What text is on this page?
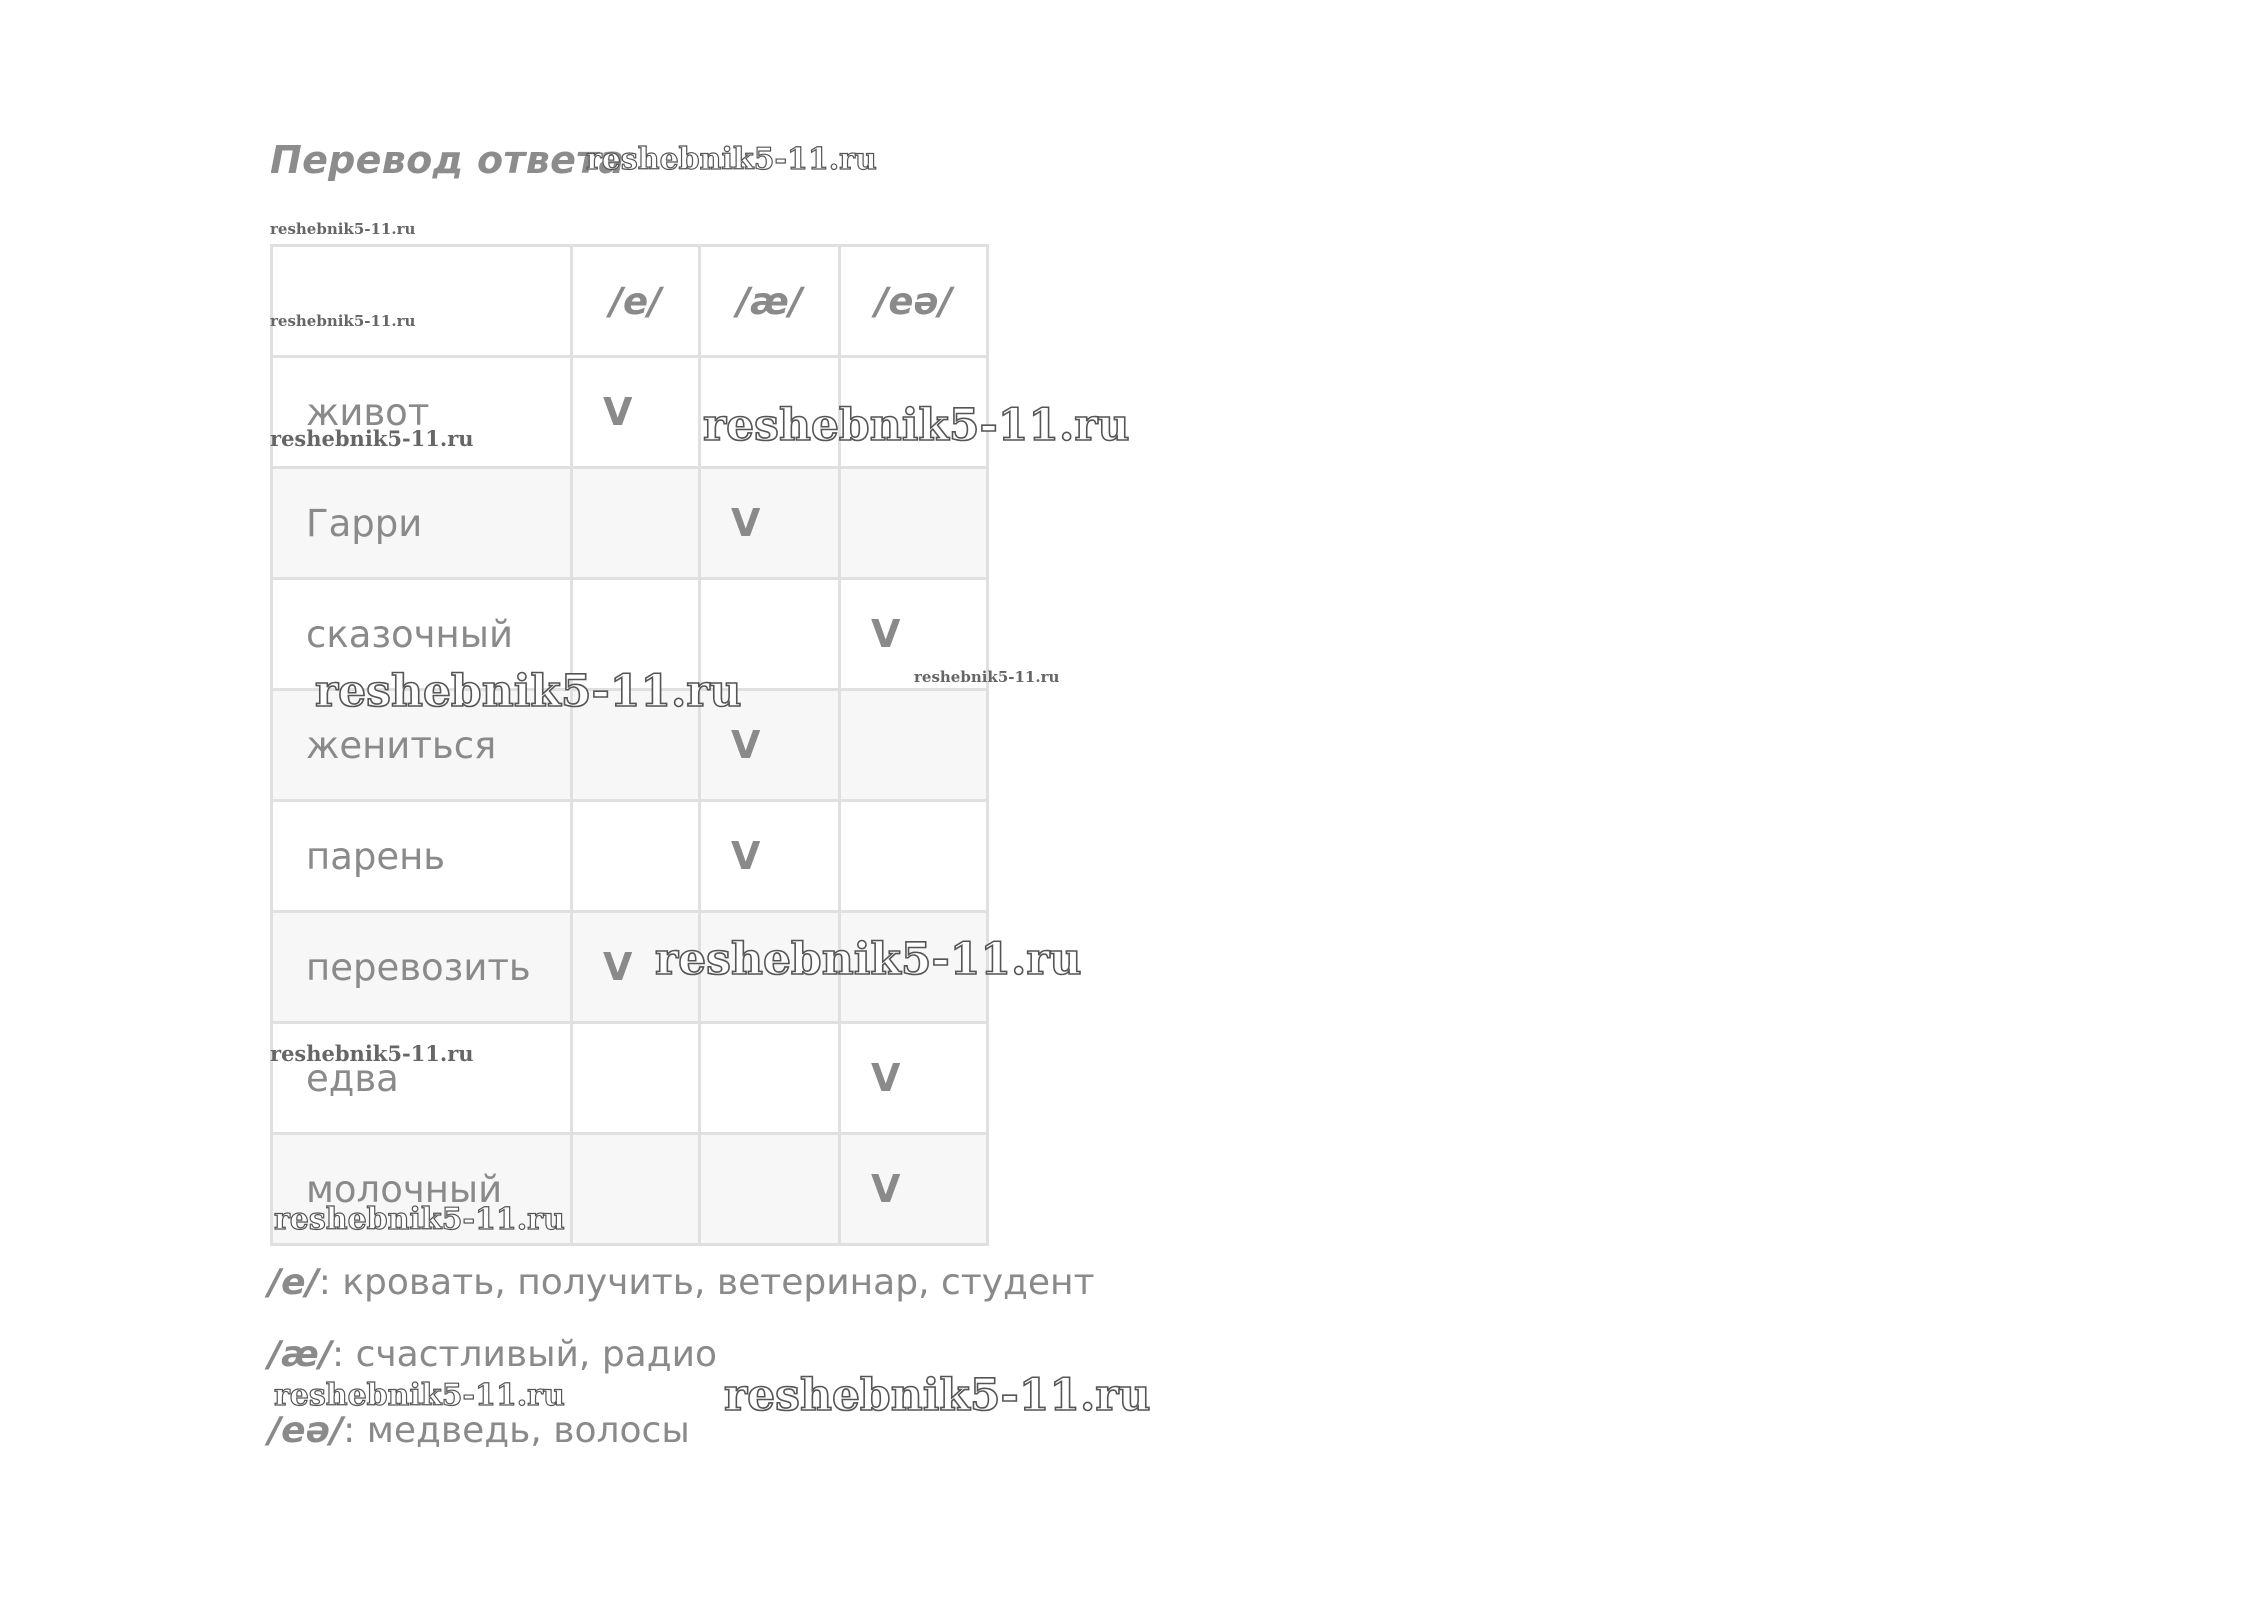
Перевод ответа
	/e/	/æ/	/eə/
живот	V		
Гарри		V	
сказочный			V
жениться		V	
парень		V	
перевозить	V		
едва			V
молочный			V
/e/: кровать, получить, ветеринар, студент
/æ/: счастливый, радио
/eə/: медведь, волосы
reshebnik5-11.ru
reshebnik5-11.ru
reshebnik5-11.ru
reshebnik5-11.ru
reshebnik5-11.ru
reshebnik5-11.ru	reshebnik5-11.ru
reshebnik5-11.ru
reshebnik5-11.ru
reshebnik5-11.ru
reshebnik5-11.ru	reshebnik5-11.ru
